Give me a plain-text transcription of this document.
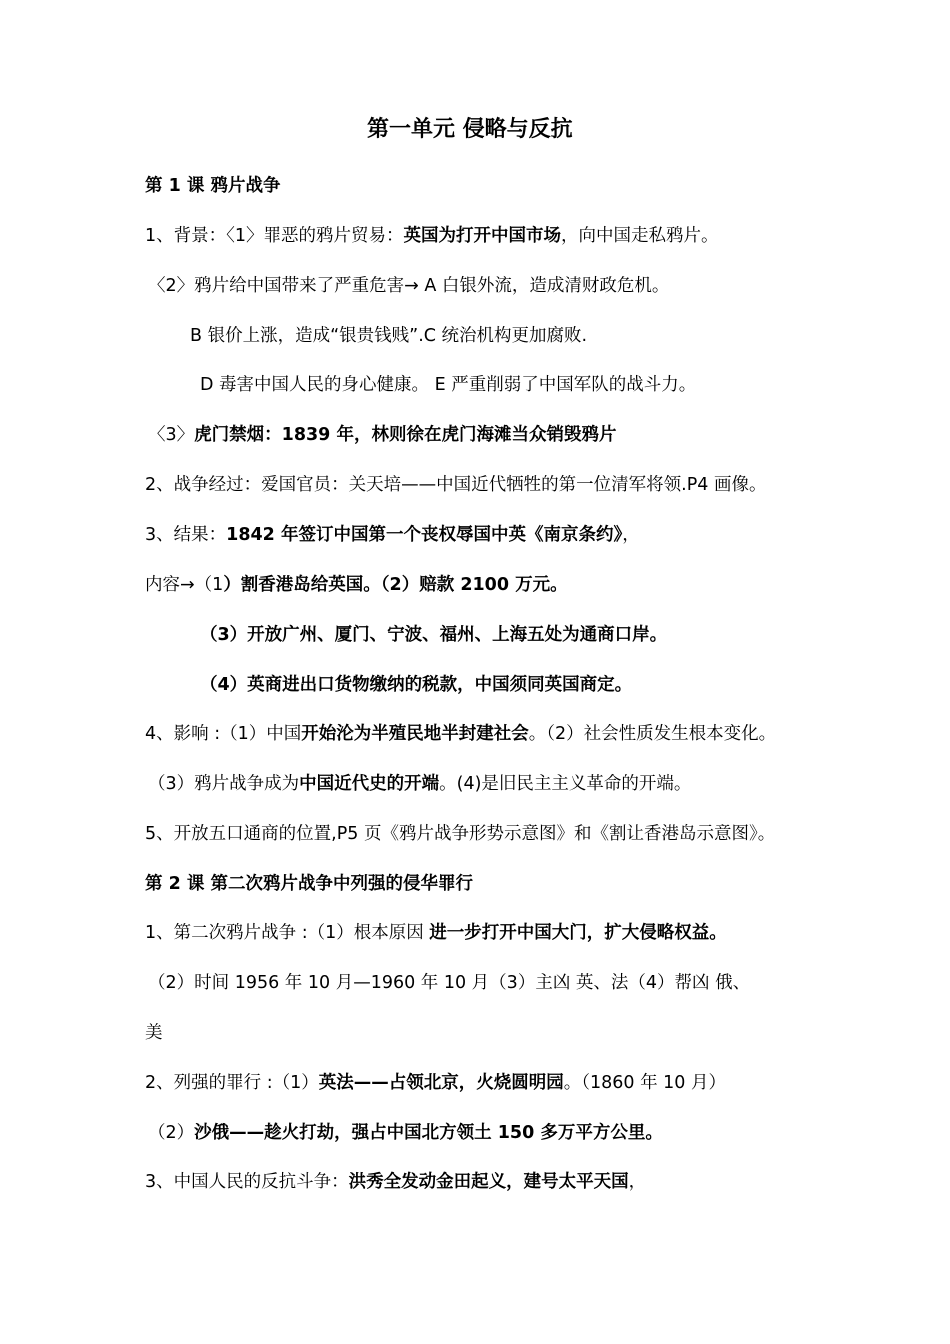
第一单元 侵略与反抗
第 1 课 鸦片战争
1、背景：〈1〉罪恶的鸦片贸易：英国为打开中国市场，向中国走私鸦片。
〈2〉鸦片给中国带来了严重危害→ A 白银外流，造成清财政危机。
B 银价上涨，造成“银贵钱贱”.C 统治机构更加腐败.
D 毒害中国人民的身心健康。 E 严重削弱了中国军队的战斗力。
〈3〉虎门禁烟：1839 年，林则徐在虎门海滩当众销毁鸦片
2、战争经过：爱国官员：关天培——中国近代牺牲的第一位清军将领.P4 画像。
3、结果：1842 年签订中国第一个丧权辱国中英《南京条约》，
内容→（1）割香港岛给英国。（2）赔款 2100 万元。
（3）开放广州、厦门、宁波、福州、上海五处为通商口岸。
（4）英商进出口货物缴纳的税款，中国须同英国商定。
4、影响 :（1）中国开始沦为半殖民地半封建社会。（2）社会性质发生根本变化。
（3）鸦片战争成为中国近代史的开端。(4)是旧民主主义革命的开端。
5、开放五口通商的位置,P5 页《鸦片战争形势示意图》和《割让香港岛示意图》。
第 2 课 第二次鸦片战争中列强的侵华罪行
1、第二次鸦片战争 :（1）根本原因 进一步打开中国大门，扩大侵略权益。
（2）时间 1956 年 10 月—1960 年 10 月（3）主凶 英、法（4）帮凶 俄、
美
2、列强的罪行 :（1）英法——占领北京，火烧圆明园。（1860 年 10 月）
（2）沙俄——趁火打劫，强占中国北方领土 150 多万平方公里。
3、中国人民的反抗斗争：洪秀全发动金田起义，建号太平天国，
